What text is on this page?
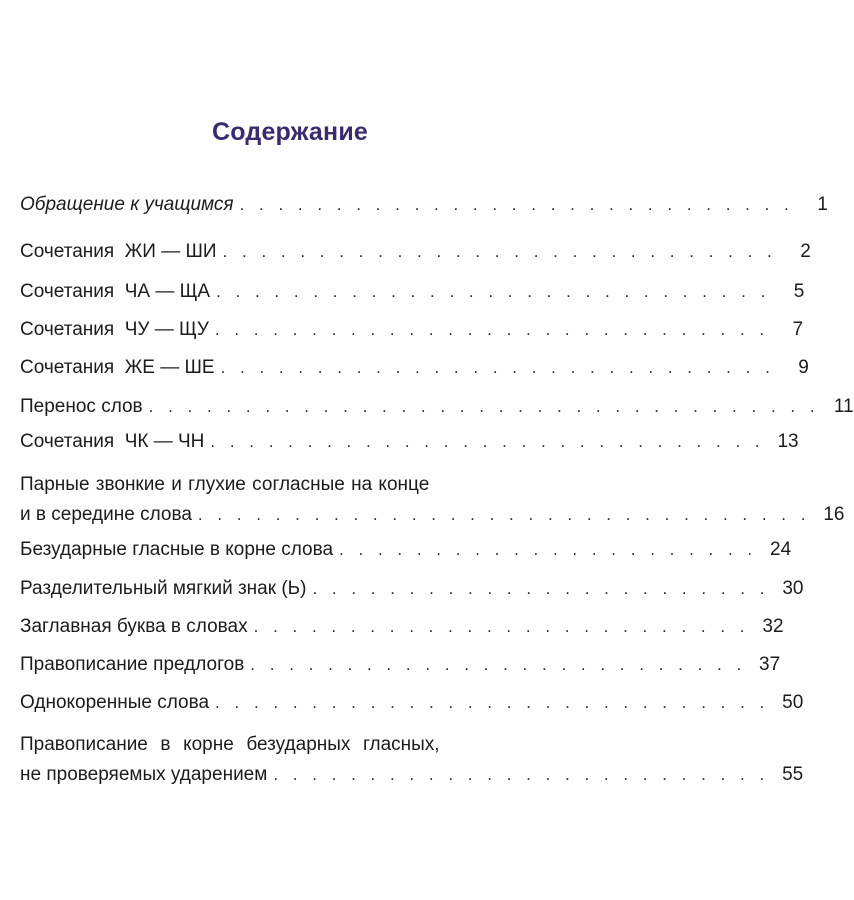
Содержание
Обращение к учащимся . . . . . . . . . . . . . . . . . . . . . . . . . . . . .	1
Сочетания  ЖИ — ШИ . . . . . . . . . . . . . . . . . . . . . . . . . . . . .	2
Сочетания  ЧА — ЩА . . . . . . . . . . . . . . . . . . . . . . . . . . . . .	5
Сочетания  ЧУ — ЩУ . . . . . . . . . . . . . . . . . . . . . . . . . . . . .	7
Сочетания  ЖЕ — ШЕ . . . . . . . . . . . . . . . . . . . . . . . . . . . . .	9
Перенос слов . . . . . . . . . . . . . . . . . . . . . . . . . . . . . . . . . . . 11
Сочетания  ЧК — ЧН . . . . . . . . . . . . . . . . . . . . . . . . . . . . . 13
Парные звонкие и глухие согласные на конце
и в середине слова . . . . . . . . . . . . . . . . . . . . . . . . . . . . . . . . 16
Безударные гласные в корне слова . . . . . . . . . . . . . . . . . . . . . . 24
Разделительный мягкий знак (Ь) . . . . . . . . . . . . . . . . . . . . . . . . 30
Заглавная буква в словах . . . . . . . . . . . . . . . . . . . . . . . . . . 32
Правописание предлогов . . . . . . . . . . . . . . . . . . . . . . . . . . 37
Однокоренные слова . . . . . . . . . . . . . . . . . . . . . . . . . . . . . 50
Правописание  в  корне  безударных  гласных,
не проверяемых ударением . . . . . . . . . . . . . . . . . . . . . . . . . . 55
